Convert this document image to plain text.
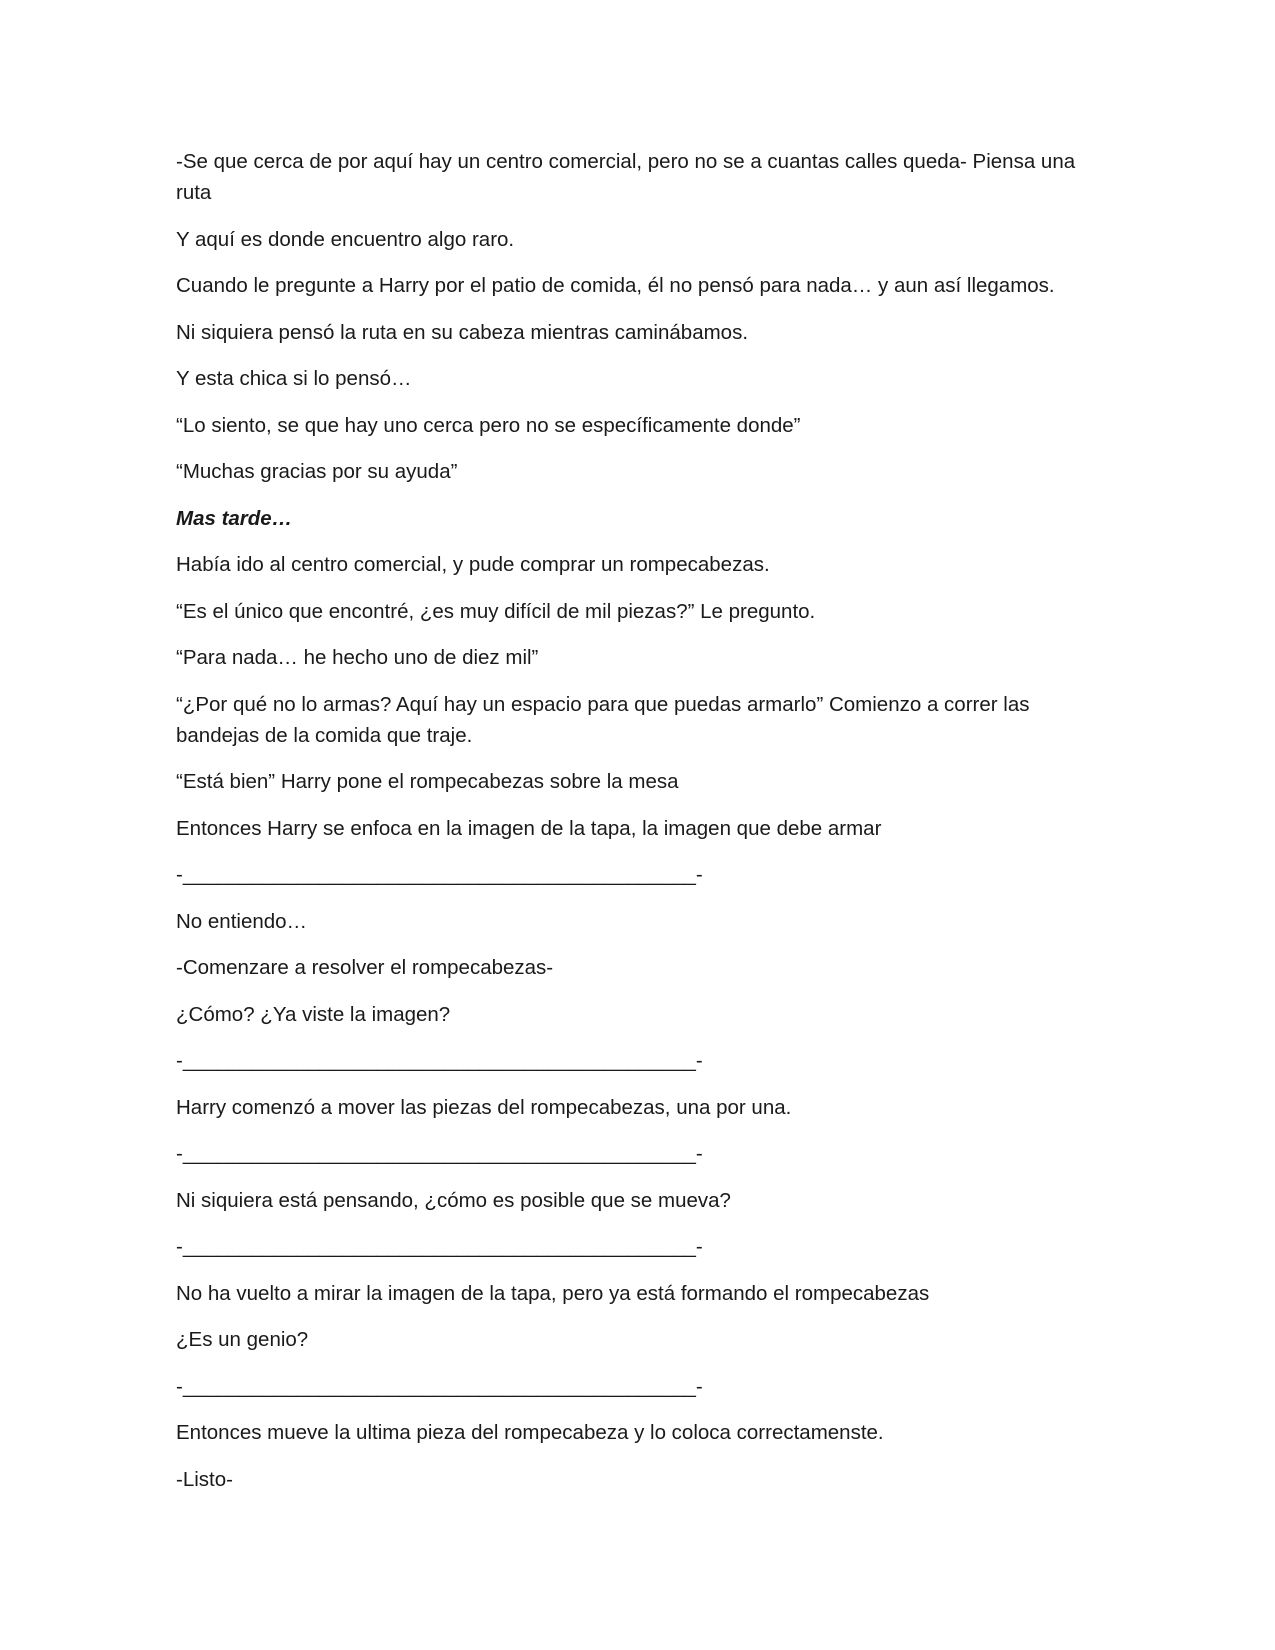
-Se que cerca de por aquí hay un centro comercial, pero no se a cuantas calles queda- Piensa una ruta

Y aquí es donde encuentro algo raro.

Cuando le pregunte a Harry por el patio de comida, él no pensó para nada… y aun así llegamos.

Ni siquiera pensó la ruta en su cabeza mientras caminábamos.

Y esta chica si lo pensó…

“Lo siento, se que hay uno cerca pero no se específicamente donde”

“Muchas gracias por su ayuda”

Mas tarde…

Había ido al centro comercial, y pude comprar un rompecabezas.

“Es el único que encontré, ¿es muy difícil de mil piezas?” Le pregunto.

“Para nada… he hecho uno de diez mil”

“¿Por qué no lo armas? Aquí hay un espacio para que puedas armarlo” Comienzo a correr las bandejas de la comida que traje.

“Está bien” Harry pone el rompecabezas sobre la mesa

Entonces Harry se enfoca en la imagen de la tapa, la imagen que debe armar

-_____________________________________________-

No entiendo…

-Comenzare a resolver el rompecabezas-

¿Cómo? ¿Ya viste la imagen?

-_____________________________________________-

Harry comenzó a mover las piezas del rompecabezas, una por una.

-_____________________________________________-

Ni siquiera está pensando, ¿cómo es posible que se mueva?

-_____________________________________________-

No ha vuelto a mirar la imagen de la tapa, pero ya está formando el rompecabezas

¿Es un genio?

-_____________________________________________-

Entonces mueve la ultima pieza del rompecabeza y lo coloca correctamenste.

-Listo-
